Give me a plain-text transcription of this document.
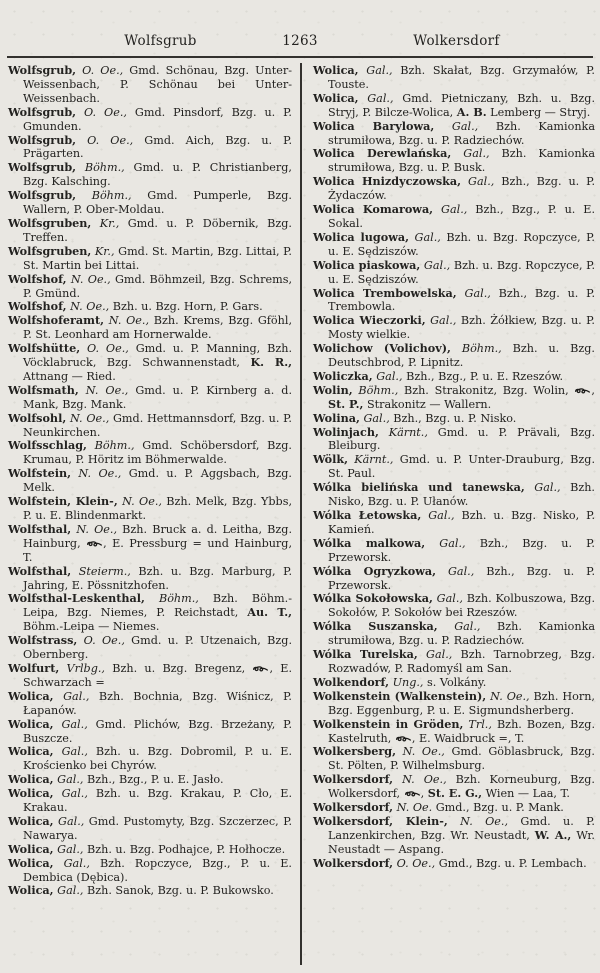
Wolfsgrub	1263	Wolkersdorf

Wolfsgrub, O. Oe., Gmd. Schönau, Bzg. Unter-Weissenbach, P. Schönau bei Unter-Weissenbach.

Wolfsgrub, O. Oe., Gmd. Pinsdorf, Bzg. u. P. Gmunden.

Wolfsgrub, O. Oe., Gmd. Aich, Bzg. u. P. Prägarten.

Wolfsgrub, Böhm., Gmd. u. P. Christianberg, Bzg. Kalsching.

Wolfsgrub, Böhm., Gmd. Pumperle, Bzg. Wallern, P. Ober-Moldau.

Wolfsgruben, Kr., Gmd. u. P. Döbernik, Bzg. Treffen.

Wolfsgruben, Kr., Gmd. St. Martin, Bzg. Littai, P. St. Martin bei Littai.

Wolfshof, N. Oe., Gmd. Böhmzeil, Bzg. Schrems, P. Gmünd.

Wolfshof, N. Oe., Bzh. u. Bzg. Horn, P. Gars.

Wolfshoferamt, N. Oe., Bzh. Krems, Bzg. Gföhl, P. St. Leonhard am Hornerwalde.

Wolfshütte, O. Oe., Gmd. u. P. Manning, Bzh. Vöcklabruck, Bzg. Schwannenstadt, K. R., Attnang — Ried.

Wolfsmath, N. Oe., Gmd. u. P. Kirnberg a. d. Mank, Bzg. Mank.

Wolfsohl, N. Oe., Gmd. Hettmannsdorf, Bzg. u. P. Neunkirchen.

Wolfsschlag, Böhm., Gmd. Schöbersdorf, Bzg. Krumau, P. Höritz im Böhmerwalde.

Wolfstein, N. Oe., Gmd. u. P. Aggsbach, Bzg. Melk.

Wolfstein, Klein-, N. Oe., Bzh. Melk, Bzg. Ybbs, P. u. E. Blindenmarkt.

Wolfsthal, N. Oe., Bzh. Bruck a. d. Leitha, Bzg. Hainburg, , E. Pressburg = und Hainburg, T.

Wolfsthal, Steierm., Bzh. u. Bzg. Marburg, P. Jahring, E. Pössnitzhofen.

Wolfsthal-Leskenthal, Böhm., Bzh. Böhm.-Leipa, Bzg. Niemes, P. Reichstadt, Au. T., Böhm.-Leipa — Niemes.

Wolfstrass, O. Oe., Gmd. u. P. Utzenaich, Bzg. Obernberg.

Wolfurt, Vrlbg., Bzh. u. Bzg. Bregenz, , E. Schwarzach =

Wolica, Gal., Bzh. Bochnia, Bzg. Wiśnicz, P. Łapanów.

Wolica, Gal., Gmd. Plichów, Bzg. Brzeżany, P. Buszcze.

Wolica, Gal., Bzh. u. Bzg. Dobromil, P. u. E. Krościenko bei Chyrów.

Wolica, Gal., Bzh., Bzg., P. u. E. Jasło.

Wolica, Gal., Bzh. u. Bzg. Krakau, P. Cło, E. Krakau.

Wolica, Gal., Gmd. Pustomyty, Bzg. Szczerzec, P. Nawarya.

Wolica, Gal., Bzh. u. Bzg. Podhajce, P. Hołhocze.

Wolica, Gal., Bzh. Ropczyce, Bzg., P. u. E. Dembica (Dębica).

Wolica, Gal., Bzh. Sanok, Bzg. u. P. Bukowsko.

Wolica, Gal., Bzh. Skałat, Bzg. Grzymałów, P. Touste.

Wolica, Gal., Gmd. Pietniczany, Bzh. u. Bzg. Stryj, P. Bilcze-Wolica, A. B. Lemberg — Stryj.

Wolica Barylowa, Gal., Bzh. Kamionka strumiłowa, Bzg. u. P. Radziechów.

Wolica Derewlańska, Gal., Bzh. Kamionka strumiłowa, Bzg. u. P. Busk.

Wolica Hnizdyczowska, Gal., Bzh., Bzg. u. P. Żydaczów.

Wolica Komarowa, Gal., Bzh., Bzg., P. u. E. Sokal.

Wolica lugowa, Gal., Bzh. u. Bzg. Ropczyce, P. u. E. Sędziszów.

Wolica piaskowa, Gal., Bzh. u. Bzg. Ropczyce, P. u. E. Sędziszów.

Wolica Trembowelska, Gal., Bzh., Bzg. u. P. Trembowla.

Wolica Wieczorki, Gal., Bzh. Żółkiew, Bzg. u. P. Mosty wielkie.

Wolichow (Volichov), Böhm., Bzh. u. Bzg. Deutschbrod, P. Lipnitz.

Woliczka, Gal., Bzh., Bzg., P. u. E. Rzeszów.

Wolin, Böhm., Bzh. Strakonitz, Bzg. Wolin, , St. P., Strakonitz — Wallern.

Wolina, Gal., Bzh., Bzg. u. P. Nisko.

Wolinjach, Kärnt., Gmd. u. P. Prävali, Bzg. Bleiburg.

Wölk, Kärnt., Gmd. u. P. Unter-Drauburg, Bzg. St. Paul.

Wólka bielińska und tanewska, Gal., Bzh. Nisko, Bzg. u. P. Ułanów.

Wólka Łetowska, Gal., Bzh. u. Bzg. Nisko, P. Kamień.

Wólka malkowa, Gal., Bzh., Bzg. u. P. Przeworsk.

Wólka Ogryzkowa, Gal., Bzh., Bzg. u. P. Przeworsk.

Wólka Sokołowska, Gal., Bzh. Kolbuszowa, Bzg. Sokołów, P. Sokołów bei Rzeszów.

Wólka Suszanska, Gal., Bzh. Kamionka strumiłowa, Bzg. u. P. Radziechów.

Wólka Turelska, Gal., Bzh. Tarnobrzeg, Bzg. Rozwadów, P. Radomyśl am San.

Wolkendorf, Ung., s. Volkány.

Wolkenstein (Walkenstein), N. Oe., Bzh. Horn, Bzg. Eggenburg, P. u. E. Sigmundsherberg.

Wolkenstein in Gröden, Trl., Bzh. Bozen, Bzg. Kastelruth, , E. Waidbruck =, T.

Wolkersberg, N. Oe., Gmd. Göblasbruck, Bzg. St. Pölten, P. Wilhelmsburg.

Wolkersdorf, N. Oe., Bzh. Korneuburg, Bzg. Wolkersdorf, , St. E. G., Wien — Laa, T.

Wolkersdorf, N. Oe. Gmd., Bzg. u. P. Mank.

Wolkersdorf, Klein-, N. Oe., Gmd. u. P. Lanzenkirchen, Bzg. Wr. Neustadt, W. A., Wr. Neustadt — Aspang.

Wolkersdorf, O. Oe., Gmd., Bzg. u. P. Lembach.
